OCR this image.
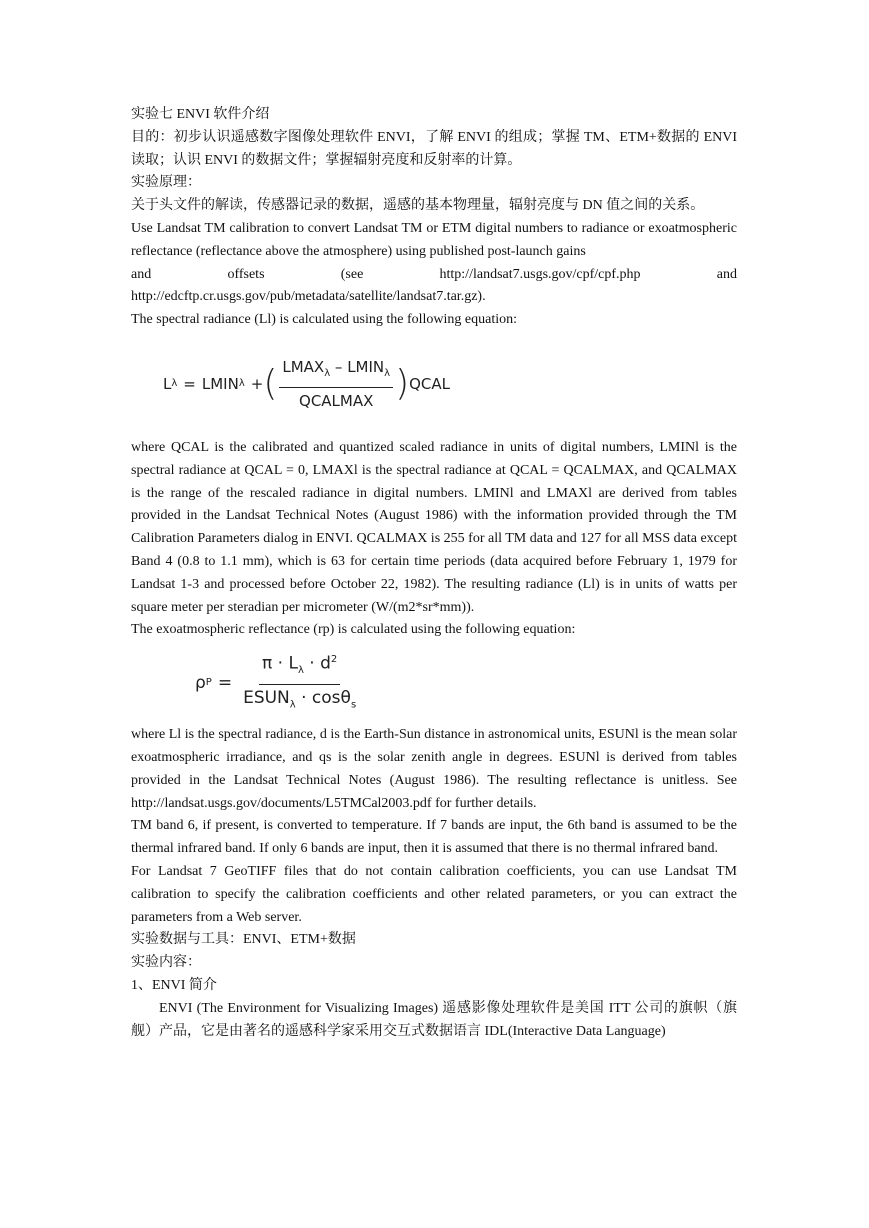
实验七 ENVI 软件介绍

目的：初步认识遥感数字图像处理软件 ENVI，了解 ENVI 的组成；掌握 TM、ETM+数据的 ENVI 读取；认识 ENVI 的数据文件；掌握辐射亮度和反射率的计算。

实验原理：

关于头文件的解读，传感器记录的数据，遥感的基本物理量，辐射亮度与 DN 值之间的关系。

Use Landsat TM calibration to convert Landsat TM or ETM digital numbers to radiance or exoatmospheric reflectance (reflectance above the atmosphere) using published post-launch gains

and offsets (see http://landsat7.usgs.gov/cpf/cpf.php and

http://edcftp.cr.usgs.gov/pub/metadata/satellite/landsat7.tar.gz).

The spectral radiance (Ll) is calculated using the following equation:

L λ = LMIN λ + ( $\frac{LMAX_\lambda - LMIN_\lambda}{\text{QCALMAX}}$ ) QCAL

where QCAL is the calibrated and quantized scaled radiance in units of digital numbers, LMINl is the spectral radiance at QCAL = 0, LMAXl is the spectral radiance at QCAL = QCALMAX, and QCALMAX is the range of the rescaled radiance in digital numbers. LMINl and LMAXl are derived from tables provided in the Landsat Technical Notes (August 1986) with the information provided through the TM Calibration Parameters dialog in ENVI. QCALMAX is 255 for all TM data and 127 for all MSS data except Band 4 (0.8 to 1.1 mm), which is 63 for certain time periods (data acquired before February 1, 1979 for Landsat 1-3 and processed before October 22, 1982). The resulting radiance (Ll) is in units of watts per square meter per steradian per micrometer (W/(m2*sr*mm)).

The exoatmospheric reflectance (rp) is calculated using the following equation:

ρ $P = \frac{\pi \cdot L_\lambda \cdot d^2}{ESUN_\lambda \cdot \cos\theta_s}$

where Ll is the spectral radiance, d is the Earth-Sun distance in astronomical units, ESUNl is the mean solar exoatmospheric irradiance, and qs is the solar zenith angle in degrees. ESUNl is derived from tables provided in the Landsat Technical Notes (August 1986). The resulting reflectance is unitless. See http://landsat.usgs.gov/documents/L5TMCal2003.pdf for further details.

TM band 6, if present, is converted to temperature. If 7 bands are input, the 6th band is assumed to be the thermal infrared band. If only 6 bands are input, then it is assumed that there is no thermal infrared band.

For Landsat 7 GeoTIFF files that do not contain calibration coefficients, you can use Landsat TM calibration to specify the calibration coefficients and other related parameters, or you can extract the parameters from a Web server.

实验数据与工具：ENVI、ETM+数据

实验内容：

1、ENVI 简介

ENVI (The Environment for Visualizing Images) 遥感影像处理软件是美国 ITT 公司的旗帜（旗舰）产品，它是由著名的遥感科学家采用交互式数据语言 IDL(Interactive Data Language)
